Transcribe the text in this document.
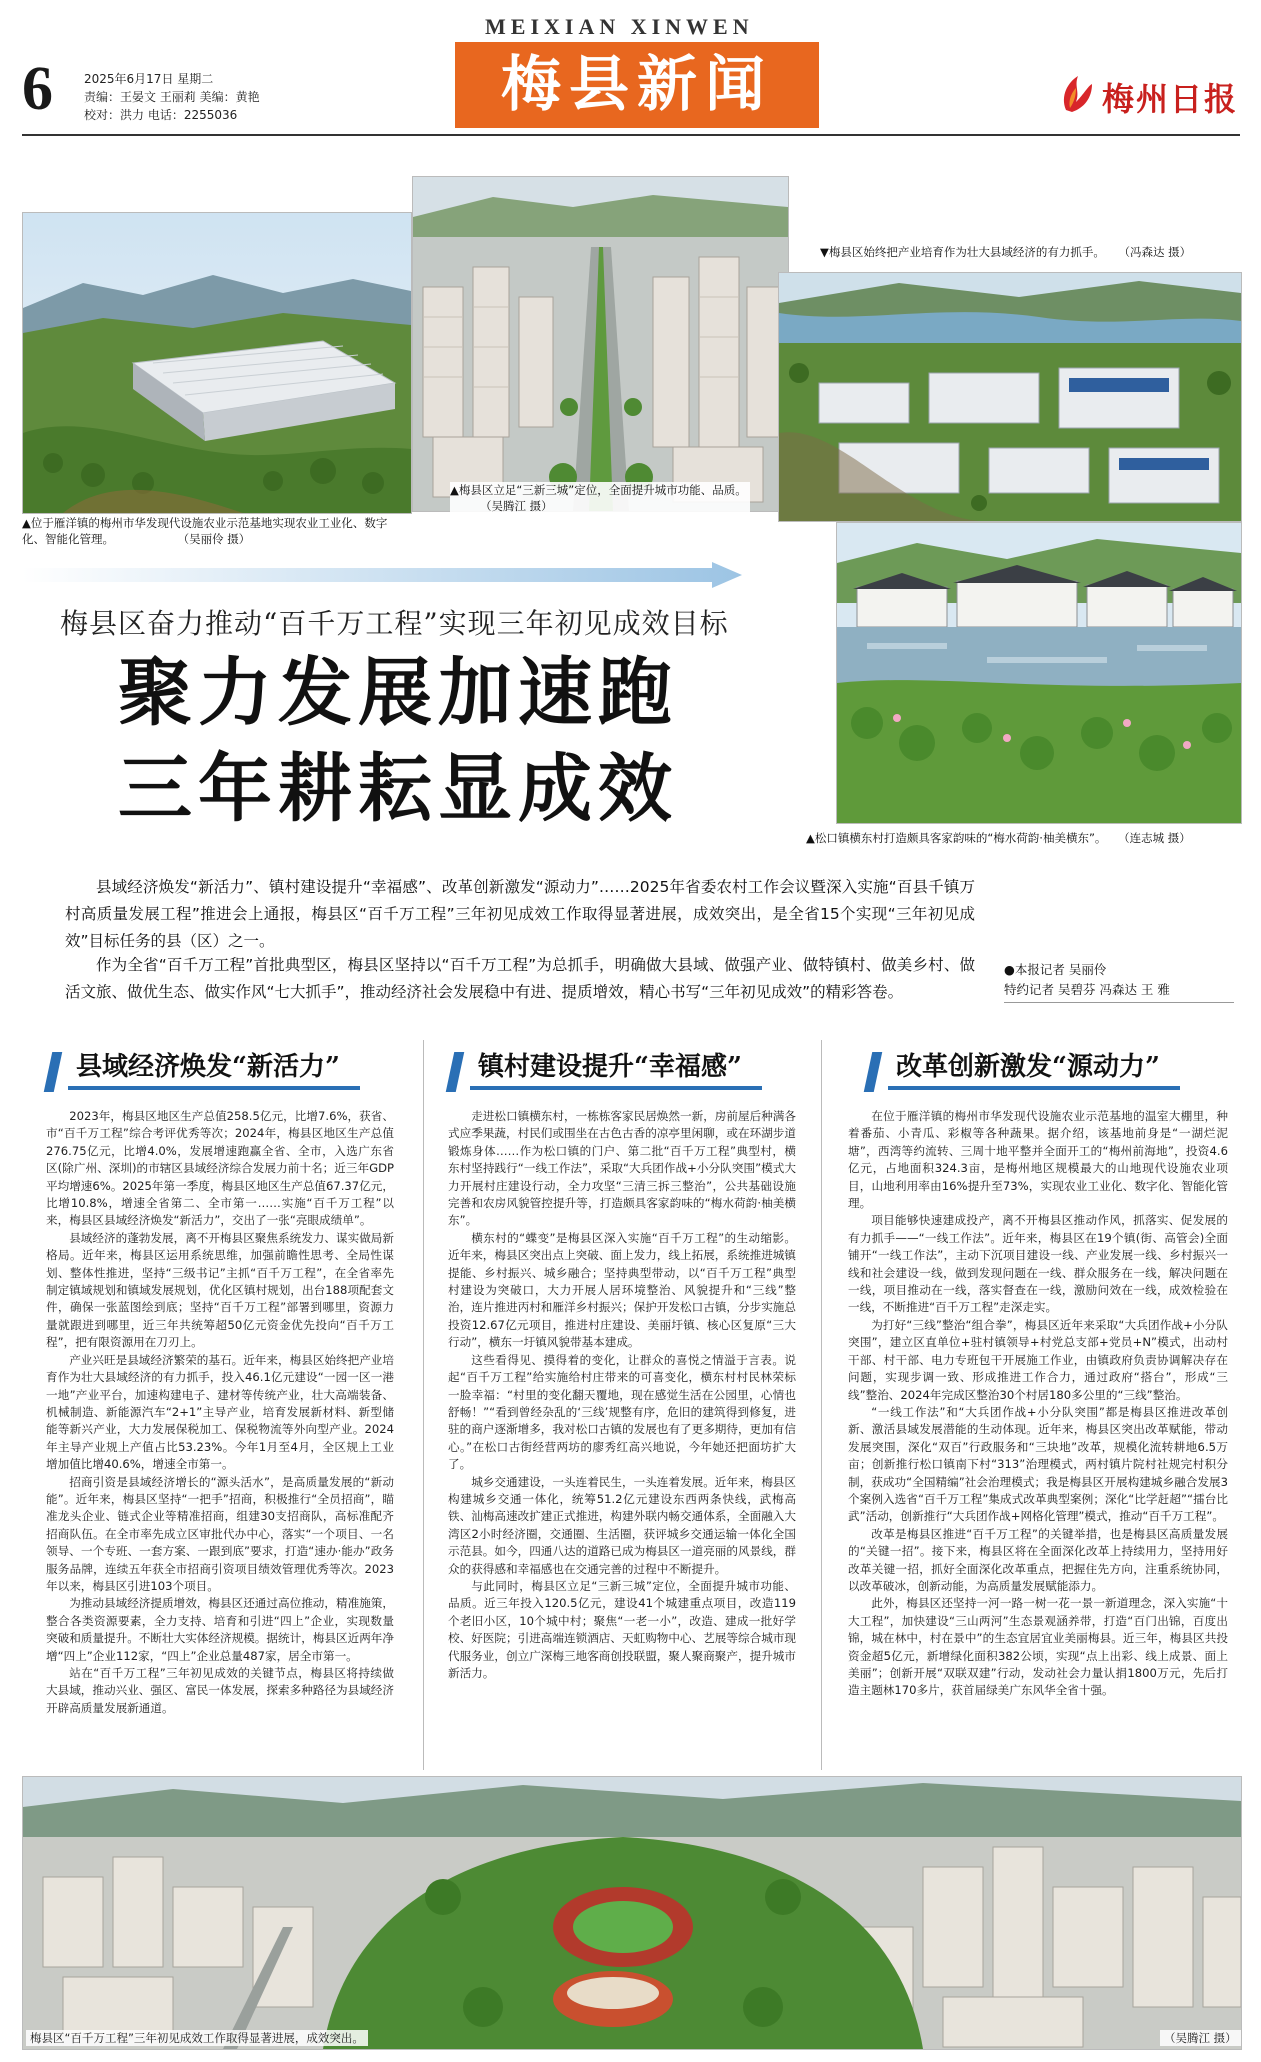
6	2025年6月17日 星期二
责编：王晏文 王丽莉 美编：黄艳
校对：洪力 电话：2255036
MEIXIAN XINWEN
梅县新闻	梅州日报
▲位于雁洋镇的梅州市华发现代设施农业示范基地实现农业工业化、数字化、智能化管理。	（吴丽伶 摄）
▲梅县区立足“三新三城”定位，全面提升城市功能、品质。 （吴腾江 摄）
▼梅县区始终把产业培育作为壮大县域经济的有力抓手。 （冯森达 摄）
▲松口镇横东村打造颇具客家韵味的“梅水荷韵·柚美横东”。 （连志城 摄）
梅县区奋力推动“百千万工程”实现三年初见成效目标
聚力发展加速跑
三年耕耘显成效

县域经济焕发“新活力”、镇村建设提升“幸福感”、改革创新激发“源动力”……2025年省委农村工作会议暨深入实施“百县千镇万村高质量发展工程”推进会上通报，梅县区“百千万工程”三年初见成效工作取得显著进展，成效突出，是全省15个实现“三年初见成效”目标任务的县（区）之一。

作为全省“百千万工程”首批典型区，梅县区坚持以“百千万工程”为总抓手，明确做大县域、做强产业、做特镇村、做美乡村、做活文旅、做优生态、做实作风“七大抓手”，推动经济社会发展稳中有进、提质增效，精心书写“三年初见成效”的精彩答卷。

●本报记者 吴丽伶
特约记者 吴碧芬 冯森达 王 雅
县域经济焕发“新活力”	镇村建设提升“幸福感”	改革创新激发“源动力”

2023年，梅县区地区生产总值258.5亿元，比增7.6%，获省、市“百千万工程”综合考评优秀等次；2024年，梅县区地区生产总值276.75亿元，比增4.0%，发展增速跑赢全省、全市，入选广东省区(除广州、深圳)的市辖区县域经济综合发展力前十名；近三年GDP平均增速6%。2025年第一季度，梅县区地区生产总值67.37亿元，比增10.8%，增速全省第二、全市第一……实施“百千万工程”以来，梅县区县域经济焕发“新活力”，交出了一张“亮眼成绩单”。

县域经济的蓬勃发展，离不开梅县区聚焦系统发力、谋实做局新格局。近年来，梅县区运用系统思维，加强前瞻性思考、全局性谋划、整体性推进，坚持“三级书记”主抓“百千万工程”，在全省率先制定镇域规划和镇域发展规划，优化区镇村规划，出台188项配套文件，确保一张蓝图绘到底；坚持“百千万工程”部署到哪里，资源力量就跟进到哪里，近三年共统筹超50亿元资金优先投向“百千万工程”，把有限资源用在刀刃上。

产业兴旺是县域经济繁荣的基石。近年来，梅县区始终把产业培育作为壮大县域经济的有力抓手，投入46.1亿元建设“一园一区一港一地”产业平台，加速构建电子、建材等传统产业，壮大高端装备、机械制造、新能源汽车“2+1”主导产业，培育发展新材料、新型储能等新兴产业，大力发展保税加工、保税物流等外向型产业。2024年主导产业规上产值占比53.23%。今年1月至4月，全区规上工业增加值比增40.6%，增速全市第一。

招商引资是县域经济增长的“源头活水”，是高质量发展的“新动能”。近年来，梅县区坚持“一把手”招商，积极推行“全员招商”，瞄准龙头企业、链式企业等精准招商，组建30支招商队，高标准配齐招商队伍。在全市率先成立区审批代办中心，落实“一个项目、一名领导、一个专班、一套方案、一跟到底”要求，打造“速办·能办”政务服务品牌，连续五年获全市招商引资项目绩效管理优秀等次。2023年以来，梅县区引进103个项目。

为推动县域经济提质增效，梅县区还通过高位推动，精准施策，整合各类资源要素，全力支持、培育和引进“四上”企业，实现数量突破和质量提升。不断壮大实体经济规模。据统计，梅县区近两年净增“四上”企业112家，“四上”企业总量487家，居全市第一。

站在“百千万工程”三年初见成效的关键节点，梅县区将持续做大县域，推动兴业、强区、富民一体发展，探索多种路径为县域经济开辟高质量发展新通道。

走进松口镇横东村，一栋栋客家民居焕然一新，房前屋后种满各式应季果蔬，村民们或围坐在古色古香的凉亭里闲聊，或在环湖步道锻炼身体……作为松口镇的门户、第二批“百千万工程”典型村，横东村坚持践行“一线工作法”，采取“大兵团作战+小分队突围”模式大力开展村庄建设行动，全力攻坚“三清三拆三整治”，公共基础设施完善和农房风貌管控提升等，打造颇具客家韵味的“梅水荷韵·柚美横东”。

横东村的“蝶变”是梅县区深入实施“百千万工程”的生动缩影。近年来，梅县区突出点上突破、面上发力，线上拓展，系统推进城镇提能、乡村振兴、城乡融合；坚持典型带动，以“百千万工程”典型村建设为突破口，大力开展人居环境整治、风貌提升和“三线”整治，连片推进丙村和雁洋乡村振兴；保护开发松口古镇，分步实施总投资12.67亿元项目，推进村庄建设、美丽圩镇、核心区复原“三大行动”，横东一圩镇风貌带基本建成。

这些看得见、摸得着的变化，让群众的喜悦之情溢于言表。说起“百千万工程”给实施给村庄带来的可喜变化，横东村村民林荣标一脸幸福：“村里的变化翻天覆地，现在感觉生活在公园里，心情也舒畅！”“看到曾经杂乱的‘三线’规整有序，危旧的建筑得到修复，进驻的商户逐渐增多，我对松口古镇的发展也有了更多期待，更加有信心。”在松口古街经营两坊的廖秀红高兴地说，今年她还把面坊扩大了。

城乡交通建设，一头连着民生，一头连着发展。近年来，梅县区构建城乡交通一体化，统筹51.2亿元建设东西两条快线，武梅高铁、汕梅高速改扩建正式推进，构建外联内畅交通体系，全面融入大湾区2小时经济圈，交通圈、生活圈，获评城乡交通运输一体化全国示范县。如今，四通八达的道路已成为梅县区一道亮丽的风景线，群众的获得感和幸福感也在交通完善的过程中不断提升。

与此同时，梅县区立足“三新三城”定位，全面提升城市功能、品质。近三年投入120.5亿元，建设41个城建重点项目，改造119个老旧小区，10个城中村；聚焦“一老一小”，改造、建成一批好学校、好医院；引进高端连锁酒店、天虹购物中心、艺展等综合城市现代服务业，创立广深梅三地客商创投联盟，聚人聚商聚产，提升城市新活力。

在位于雁洋镇的梅州市华发现代设施农业示范基地的温室大棚里，种着番茄、小青瓜、彩椒等各种蔬果。据介绍，该基地前身是“一湖烂泥塘”，西湾等约流转、三周十地平整并全面开工的“梅州前海地”，投资4.6亿元，占地面积324.3亩，是梅州地区规模最大的山地现代设施农业项目，山地利用率由16%提升至73%，实现农业工业化、数字化、智能化管理。

项目能够快速建成投产，离不开梅县区推动作风，抓落实、促发展的有力抓手——“一线工作法”。近年来，梅县区在19个镇(街、高管会)全面铺开“一线工作法”，主动下沉项目建设一线、产业发展一线、乡村振兴一线和社会建设一线，做到发现问题在一线、群众服务在一线，解决问题在一线，项目推动在一线，落实督查在一线，激励问效在一线，成效检验在一线，不断推进“百千万工程”走深走实。

为打好“三线”整治“组合拳”，梅县区近年来采取“大兵团作战+小分队突围”，建立区直单位+驻村镇领导+村党总支部+党员+N”模式，出动村干部、村干部、电力专班包干开展施工作业，由镇政府负责协调解决存在问题，实现步调一致、形成推进工作合力，通过政府“搭台”，形成“三线”整治、2024年完成区整治30个村居180多公里的“三线”整治。

“一线工作法”和“大兵团作战+小分队突围”都是梅县区推进改革创新、激活县域发展潜能的生动体现。近年来，梅县区突出改革赋能，带动发展突围，深化“双百”行政服务和“三块地”改革，规模化流转耕地6.5万亩；创新推行松口镇南下村“313”治理模式，两村镇片院村社规完村积分制，获成功“全国精编”社会治理模式；我是梅县区开展构建城乡融合发展3个案例入选省“百千万工程”集成式改革典型案例；深化“比学赶超”“擂台比武”活动，创新推行“大兵团作战+网格化管理”模式，推动“百千万工程”。

改革是梅县区推进“百千万工程”的关键举措，也是梅县区高质量发展的“关键一招”。接下来，梅县区将在全面深化改革上持续用力，坚持用好改革关键一招，抓好全面深化改革重点，把握住先方向，注重系统协同，以改革破冰，创新动能，为高质量发展赋能添力。

此外，梅县区还坚持一河一路一树一花一景一新道理念，深入实施“十大工程”，加快建设“三山两河”生态景观涵养带，打造“百门出锦，百度出锦，城在林中，村在景中”的生态宜居宜业美丽梅县。近三年，梅县区共投资金超5亿元，新增绿化面积382公顷，实现“点上出彩、线上成景、面上美丽”；创新开展“双联双建”行动，发动社会力量认捐1800万元，先后打造主题林170多片，获首届绿美广东风华全省十强。

梅县区“百千万工程”三年初见成效工作取得显著进展，成效突出。	（吴腾江 摄）
